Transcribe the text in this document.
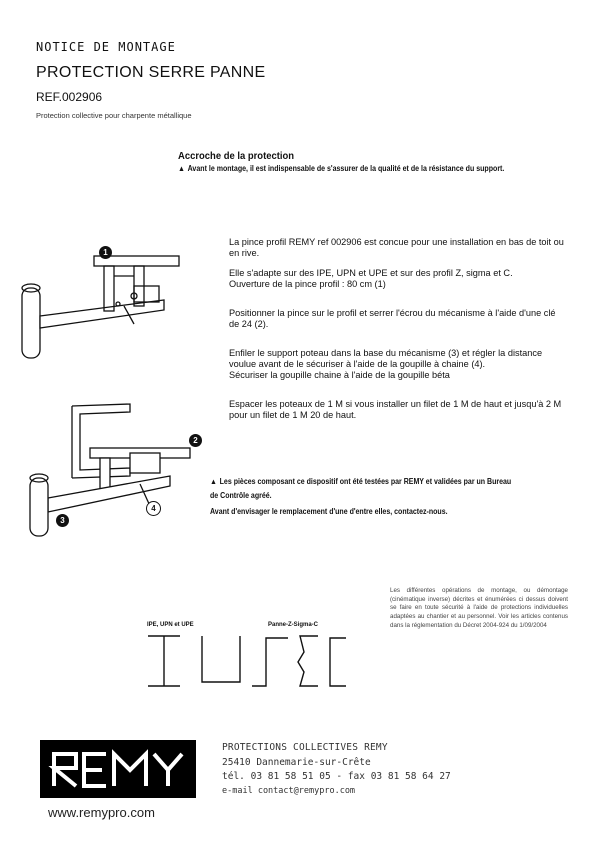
NOTICE DE MONTAGE
PROTECTION SERRE PANNE
REF.002906
Protection collective pour charpente métallique
Accroche de la protection
▲ Avant le montage, il est indispensable de s'assurer de la qualité et de la résistance du support.
1
2
3
4
La pince profil REMY ref 002906 est concue pour une installation en bas de toit ou en rive.
Elle s'adapte sur des IPE, UPN et UPE et sur des profil Z, sigma et C.
Ouverture de la pince profil : 80 cm (1)
Positionner la pince sur le profil et serrer l'écrou du mécanisme à l'aide d'une clé de 24 (2).
Enfiler le support poteau dans la base du mécanisme (3) et régler la distance voulue avant de le sécuriser à l'aide de la goupille à chaine (4).
Sécuriser la goupille chaine à l'aide de la goupille béta
Espacer les poteaux de 1 M si vous installer un filet de 1 M de haut et jusqu'à 2 M pour un filet de 1 M 20 de haut.
▲ Les pièces composant ce dispositif ont été testées par REMY et validées par un Bureau
de Contrôle agréé.
Avant d'envisager le remplacement d'une d'entre elles, contactez-nous.
Les différentes opérations de montage, ou démontage (cinématique inverse) décrites et énumérées ci dessus doivent se faire en toute sécurité à l'aide de protections individuelles adaptées au chantier et au personnel. Voir les articles contenus dans la réglementation du Décret 2004-924 du 1/09/2004
IPE, UPN et UPE	Panne-Z-Sigma-C
PROTECTIONS COLLECTIVES REMY
25410 Dannemarie-sur-Crête
tél. 03 81 58 51 05 - fax 03 81 58 64 27
e-mail contact@remypro.com
www.remypro.com
